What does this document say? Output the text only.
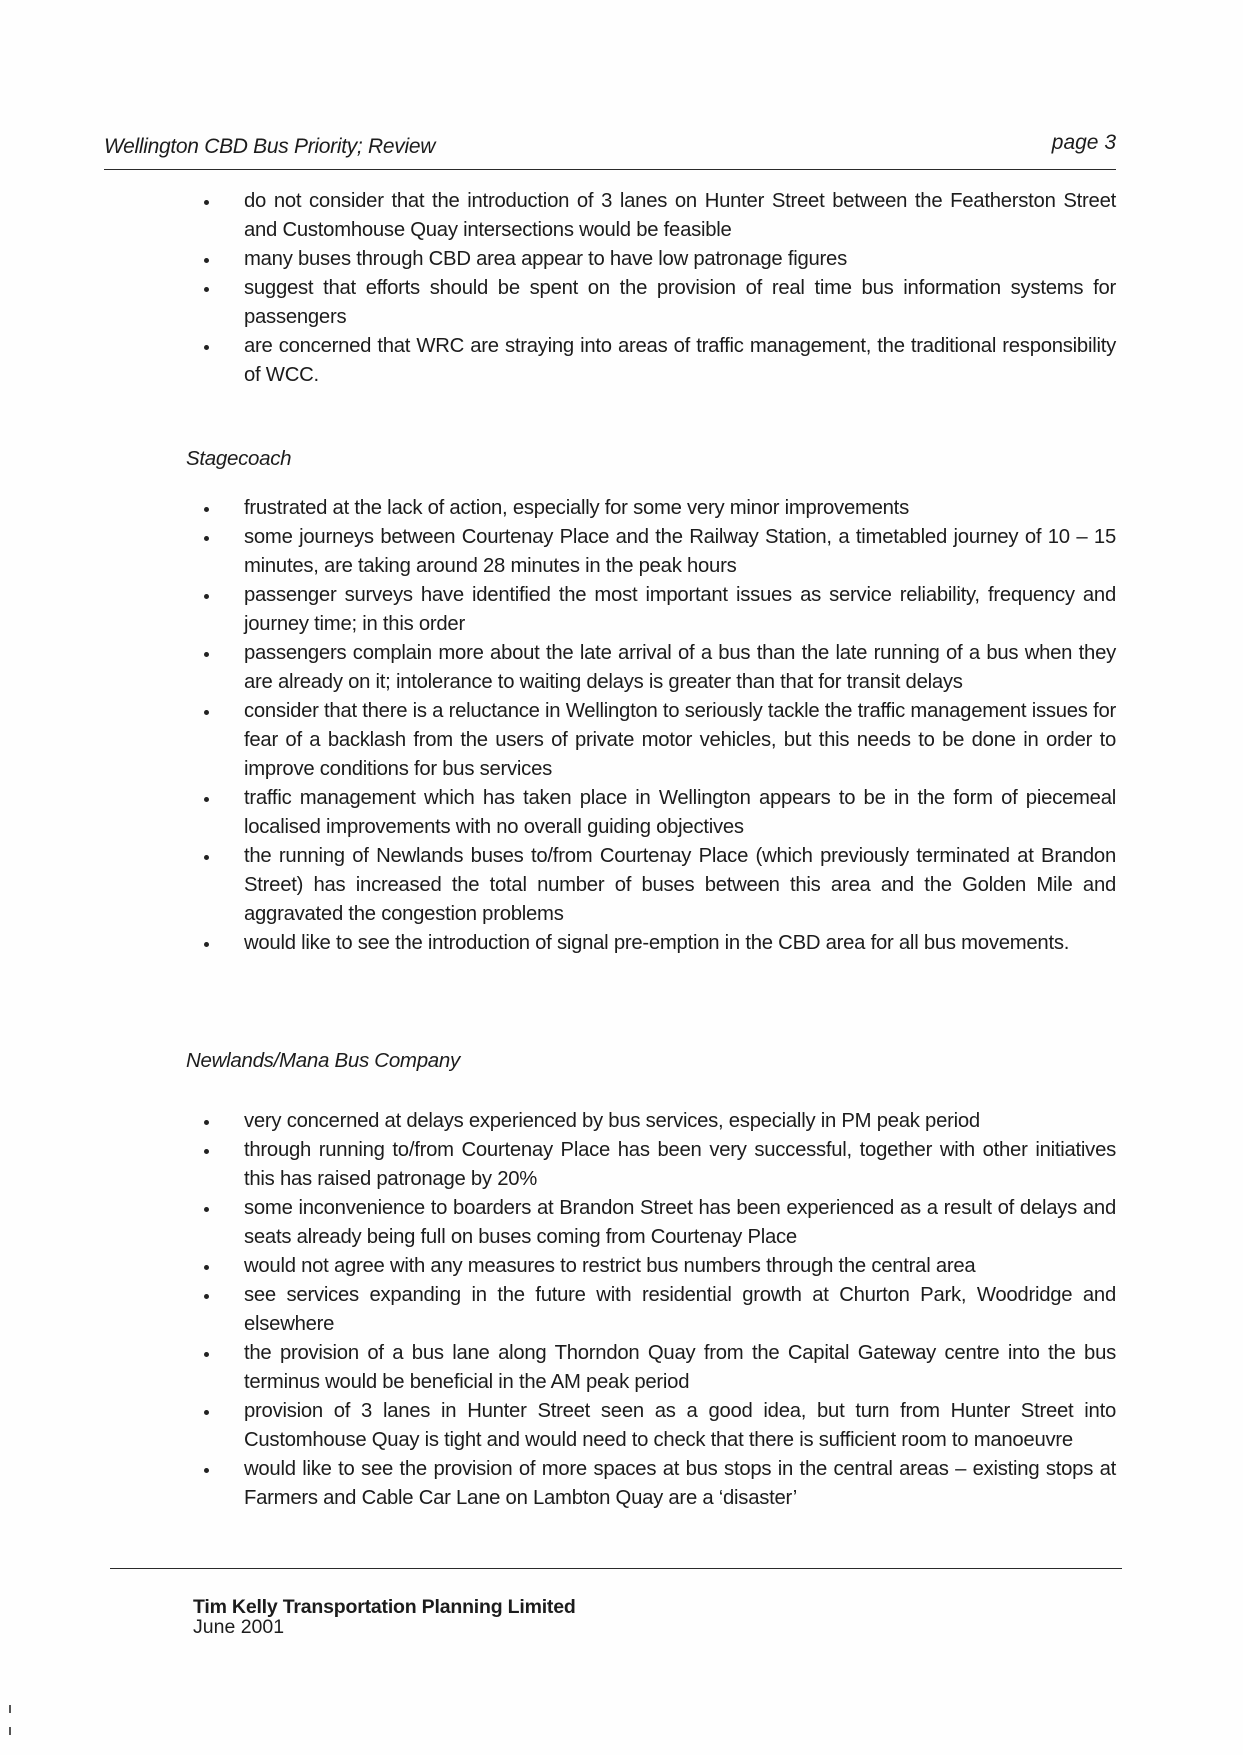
Wellington CBD Bus Priority; Review	page 3
do not consider that the introduction of 3 lanes on Hunter Street between the Featherston Street and Customhouse Quay intersections would be feasible
many buses through CBD area appear to have low patronage figures
suggest that efforts should be spent on the provision of real time bus information systems for passengers
are concerned that WRC are straying into areas of traffic management, the traditional responsibility of WCC.
Stagecoach
frustrated at the lack of action, especially for some very minor improvements
some journeys between Courtenay Place and the Railway Station, a timetabled journey of 10 – 15 minutes, are taking around 28 minutes in the peak hours
passenger surveys have identified the most important issues as service reliability, frequency and journey time; in this order
passengers complain more about the late arrival of a bus than the late running of a bus when they are already on it; intolerance to waiting delays is greater than that for transit delays
consider that there is a reluctance in Wellington to seriously tackle the traffic management issues for fear of a backlash from the users of private motor vehicles, but this needs to be done in order to improve conditions for bus services
traffic management which has taken place in Wellington appears to be in the form of piecemeal localised improvements with no overall guiding objectives
the running of Newlands buses to/from Courtenay Place (which previously terminated at Brandon Street) has increased the total number of buses between this area and the Golden Mile and aggravated the congestion problems
would like to see the introduction of signal pre-emption in the CBD area for all bus movements.
Newlands/Mana Bus Company
very concerned at delays experienced by bus services, especially in PM peak period
through running to/from Courtenay Place has been very successful, together with other initiatives this has raised patronage by 20%
some inconvenience to boarders at Brandon Street has been experienced as a result of delays and seats already being full on buses coming from Courtenay Place
would not agree with any measures to restrict bus numbers through the central area
see services expanding in the future with residential growth at Churton Park, Woodridge and elsewhere
the provision of a bus lane along Thorndon Quay from the Capital Gateway centre into the bus terminus would be beneficial in the AM peak period
provision of 3 lanes in Hunter Street seen as a good idea, but turn from Hunter Street into Customhouse Quay is tight and would need to check that there is sufficient room to manoeuvre
would like to see the provision of more spaces at bus stops in the central areas – existing stops at Farmers and Cable Car Lane on Lambton Quay are a ‘disaster’
Tim Kelly Transportation Planning Limited
June 2001
